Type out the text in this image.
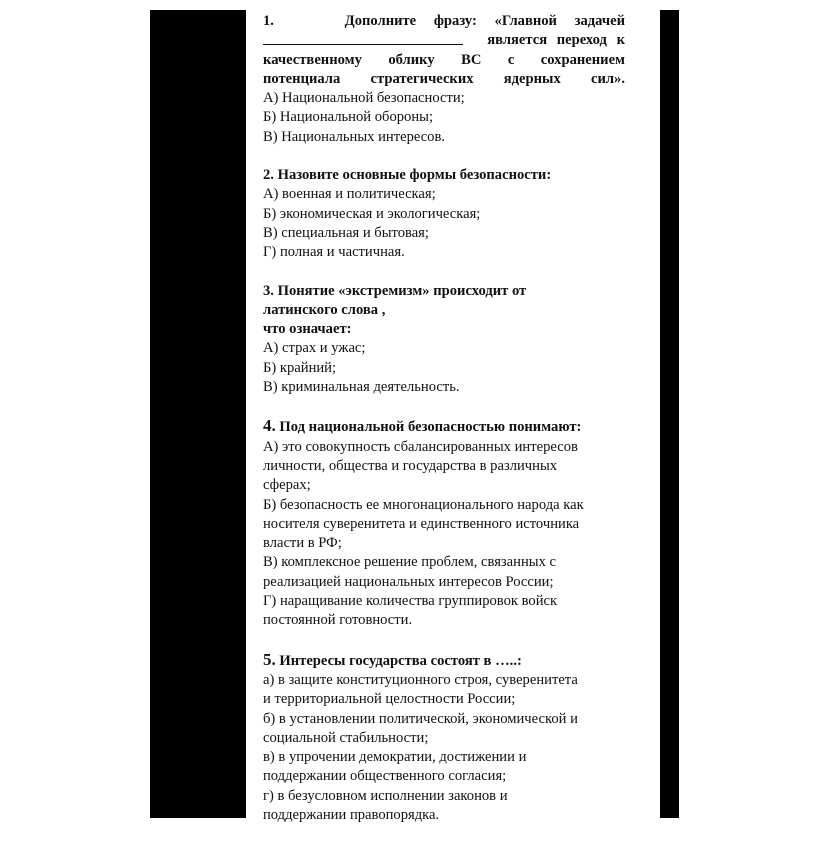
1.	Дополните фразу: «Главной задачей
является переход к
качественному облику ВС с сохранением
потенциала стратегических ядерных сил».
А) Национальной безопасности;
Б) Национальной обороны;
В) Национальных интересов.
2. Назовите основные формы безопасности:
А) военная и политическая;
Б) экономическая и экологическая;
В) специальная и бытовая;
Г) полная и частичная.
3. Понятие «экстремизм» происходит от
латинского слова ,
что означает:
А) страх и ужас;
Б) крайний;
В) криминальная деятельность.
4. Под национальной безопасностью понимают:
А) это совокупность сбалансированных интересов
личности, общества и государства в различных
сферах;
Б) безопасность ее многонационального народа как
носителя суверенитета и единственного источника
власти в РФ;
В) комплексное решение проблем, связанных с
реализацией национальных интересов России;
Г) наращивание количества группировок войск
постоянной готовности.
5. Интересы государства состоят в …..:
а) в защите конституционного строя, суверенитета
и территориальной целостности России;
б) в установлении политической, экономической и
социальной стабильности;
в) в упрочении демократии, достижении и
поддержании общественного согласия;
г) в безусловном исполнении законов и
поддержании правопорядка.
